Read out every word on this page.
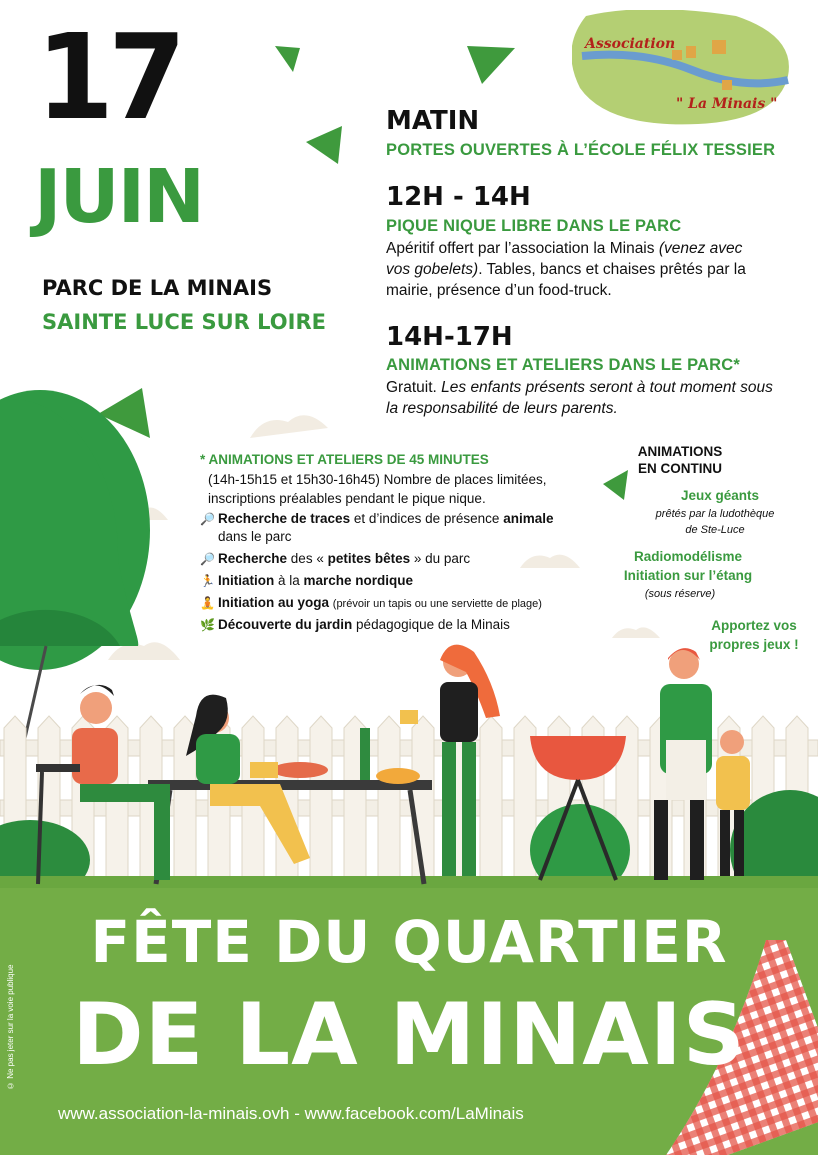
Association
" La Minais "
17
JUIN
PARC DE LA MINAIS
SAINTE LUCE SUR LOIRE
MATIN
PORTES OUVERTES À L’ÉCOLE FÉLIX TESSIER
12H - 14H
PIQUE NIQUE LIBRE DANS LE PARC
Apéritif offert par l’association la Minais (venez avec
vos gobelets). Tables, bancs et chaises prêtés par la
mairie, présence d’un food-truck.
14H-17H
ANIMATIONS ET ATELIERS DANS LE PARC*
Gratuit. Les enfants présents seront à tout moment sous
la responsabilité de leurs parents.
* ANIMATIONS ET ATELIERS DE 45 MINUTES
(14h-15h15 et 15h30-16h45) Nombre de places limitées,
inscriptions préalables pendant le pique nique.
🔎 Recherche de traces et d’indices de présence animale
dans le parc
🔎 Recherche des « petites bêtes » du parc
🏃 Initiation à la marche nordique
🧘 Initiation au yoga (prévoir un tapis ou une serviette de plage)
🌿 Découverte du jardin pédagogique de la Minais
ANIMATIONS
EN CONTINU
Jeux géants
prêtés par la ludothèque
de Ste-Luce
Radiomodélisme
Initiation sur l’étang
(sous réserve)
Apportez vos
propres jeux !
FÊTE DU QUARTIER
DE LA MINAIS
www.association-la-minais.ovh - www.facebook.com/LaMinais
© Ne pas jeter sur la voie publique
